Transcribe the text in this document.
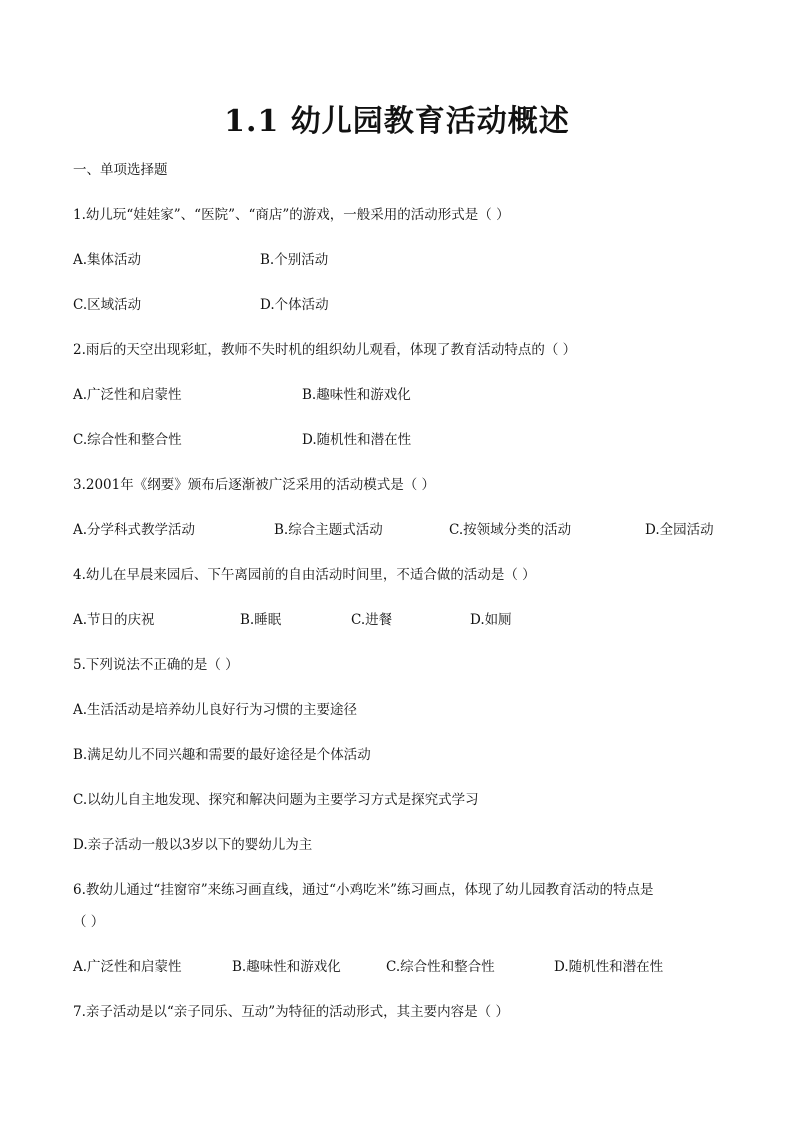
1.1 幼儿园教育活动概述
一、单项选择题
1.幼儿玩“娃娃家”、“医院”、“商店”的游戏，一般采用的活动形式是（ ）
A.集体活动	B.个别活动
C.区域活动	D.个体活动
2.雨后的天空出现彩虹，教师不失时机的组织幼儿观看，体现了教育活动特点的（ ）
A.广泛性和启蒙性	B.趣味性和游戏化
C.综合性和整合性	D.随机性和潜在性
3.2001年《纲要》颁布后逐渐被广泛采用的活动模式是（ ）
A.分学科式教学活动	B.综合主题式活动	C.按领域分类的活动	D.全园活动
4.幼儿在早晨来园后、下午离园前的自由活动时间里，不适合做的活动是（ ）
A.节日的庆祝	B.睡眠	C.进餐	D.如厕
5.下列说法不正确的是（ ）
A.生活活动是培养幼儿良好行为习惯的主要途径
B.满足幼儿不同兴趣和需要的最好途径是个体活动
C.以幼儿自主地发现、探究和解决问题为主要学习方式是探究式学习
D.亲子活动一般以3岁以下的婴幼儿为主
6.教幼儿通过“挂窗帘”来练习画直线，通过“小鸡吃米”练习画点，体现了幼儿园教育活动的特点是
（ ）
A.广泛性和启蒙性	B.趣味性和游戏化	C.综合性和整合性	D.随机性和潜在性
7.亲子活动是以“亲子同乐、互动”为特征的活动形式，其主要内容是（ ）
